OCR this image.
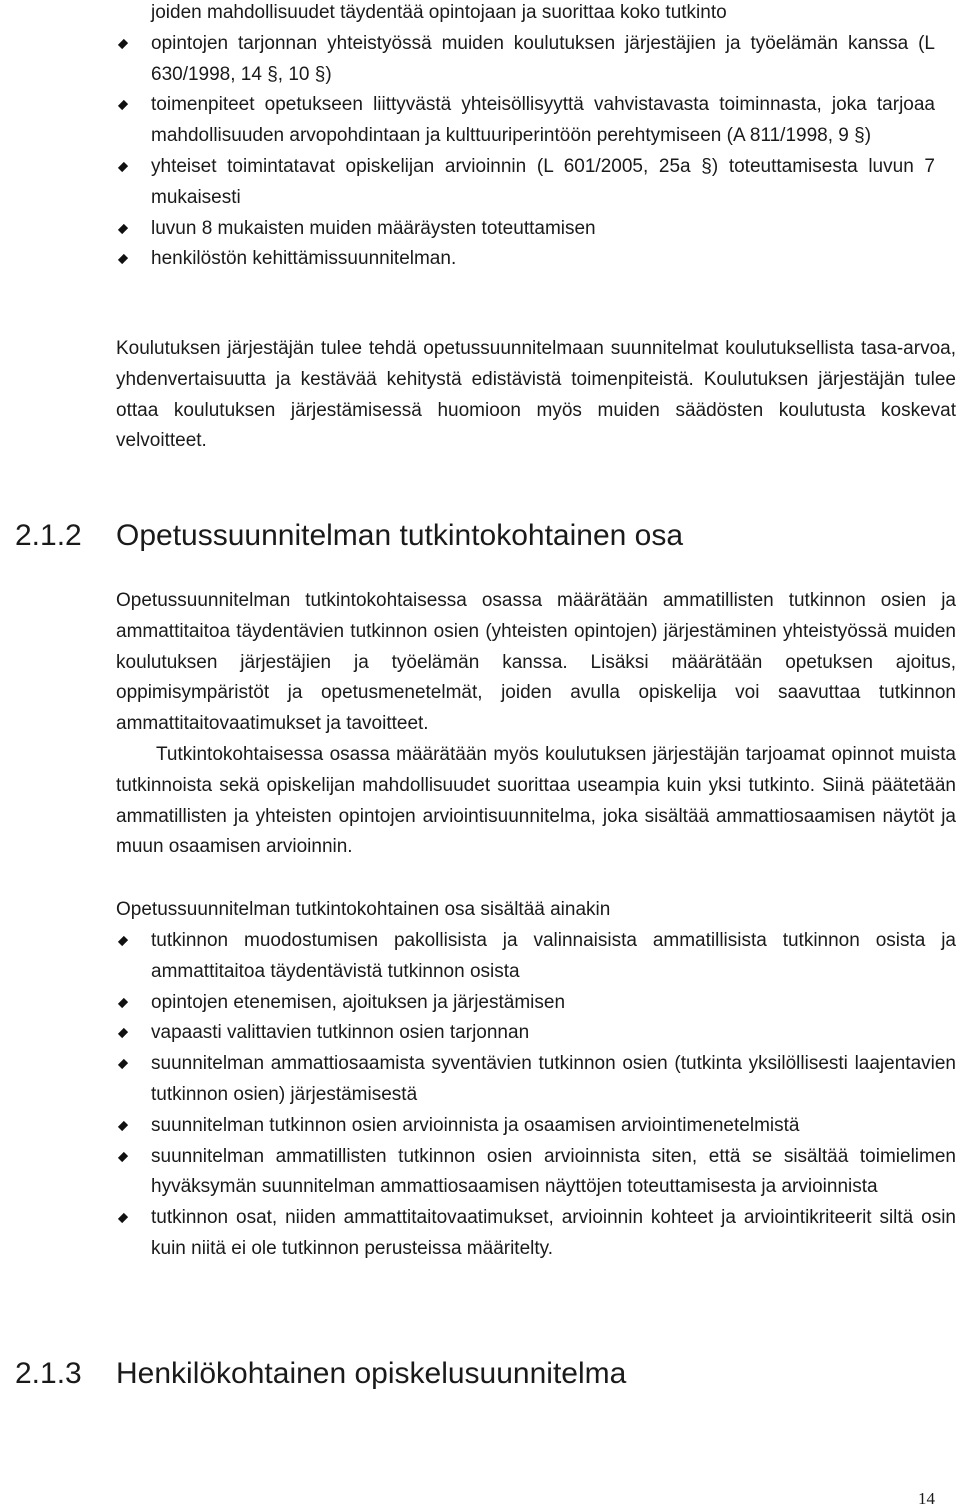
joiden mahdollisuudet täydentää opintojaan ja suorittaa koko tutkinto
opintojen tarjonnan yhteistyössä muiden koulutuksen järjestäjien ja työelämän kanssa (L 630/1998, 14 §, 10 §)
toimenpiteet opetukseen liittyvästä yhteisöllisyyttä vahvistavasta toiminnasta, joka tarjoaa mahdollisuuden arvopohdintaan ja kulttuuriperintöön perehtymiseen (A 811/1998, 9 §)
yhteiset toimintatavat opiskelijan arvioinnin (L 601/2005, 25a §) toteuttamisesta luvun 7 mukaisesti
luvun 8 mukaisten muiden määräysten toteuttamisen
henkilöstön kehittämissuunnitelman.

Koulutuksen järjestäjän tulee tehdä opetussuunnitelmaan suunnitelmat koulutuksellista tasa-arvoa, yhdenvertaisuutta ja kestävää kehitystä edistävistä toimenpiteistä. Koulutuksen järjestäjän tulee ottaa koulutuksen järjestämisessä huomioon myös muiden säädösten koulutusta koskevat velvoitteet.

2.1.2 Opetussuunnitelman tutkintokohtainen osa

Opetussuunnitelman tutkintokohtaisessa osassa määrätään ammatillisten tutkinnon osien ja ammattitaitoa täydentävien tutkinnon osien (yhteisten opintojen) järjestäminen yhteistyössä muiden koulutuksen järjestäjien ja työelämän kanssa. Lisäksi määrätään opetuksen ajoitus, oppimisympäristöt ja opetusmenetelmät, joiden avulla opiskelija voi saavuttaa tutkinnon ammattitaitovaatimukset ja tavoitteet.

Tutkintokohtaisessa osassa määrätään myös koulutuksen järjestäjän tarjoamat opinnot muista tutkinnoista sekä opiskelijan mahdollisuudet suorittaa useampia kuin yksi tutkinto. Siinä päätetään ammatillisten ja yhteisten opintojen arviointisuunnitelma, joka sisältää ammattiosaamisen näytöt ja muun osaamisen arvioinnin.

Opetussuunnitelman tutkintokohtainen osa sisältää ainakin

tutkinnon muodostumisen pakollisista ja valinnaisista ammatillisista tutkinnon osista ja ammattitaitoa täydentävistä tutkinnon osista
opintojen etenemisen, ajoituksen ja järjestämisen
vapaasti valittavien tutkinnon osien tarjonnan
suunnitelman ammattiosaamista syventävien tutkinnon osien (tutkinta yksilöllisesti laajentavien tutkinnon osien) järjestämisestä
suunnitelman tutkinnon osien arvioinnista ja osaamisen arviointimenetelmistä
suunnitelman ammatillisten tutkinnon osien arvioinnista siten, että se sisältää toimielimen hyväksymän suunnitelman ammattiosaamisen näyttöjen toteuttamisesta ja arvioinnista
tutkinnon osat, niiden ammattitaitovaatimukset, arvioinnin kohteet ja arviointikriteerit siltä osin kuin niitä ei ole tutkinnon perusteissa määritelty.
2.1.3 Henkilökohtainen opiskelusuunnitelma
14
